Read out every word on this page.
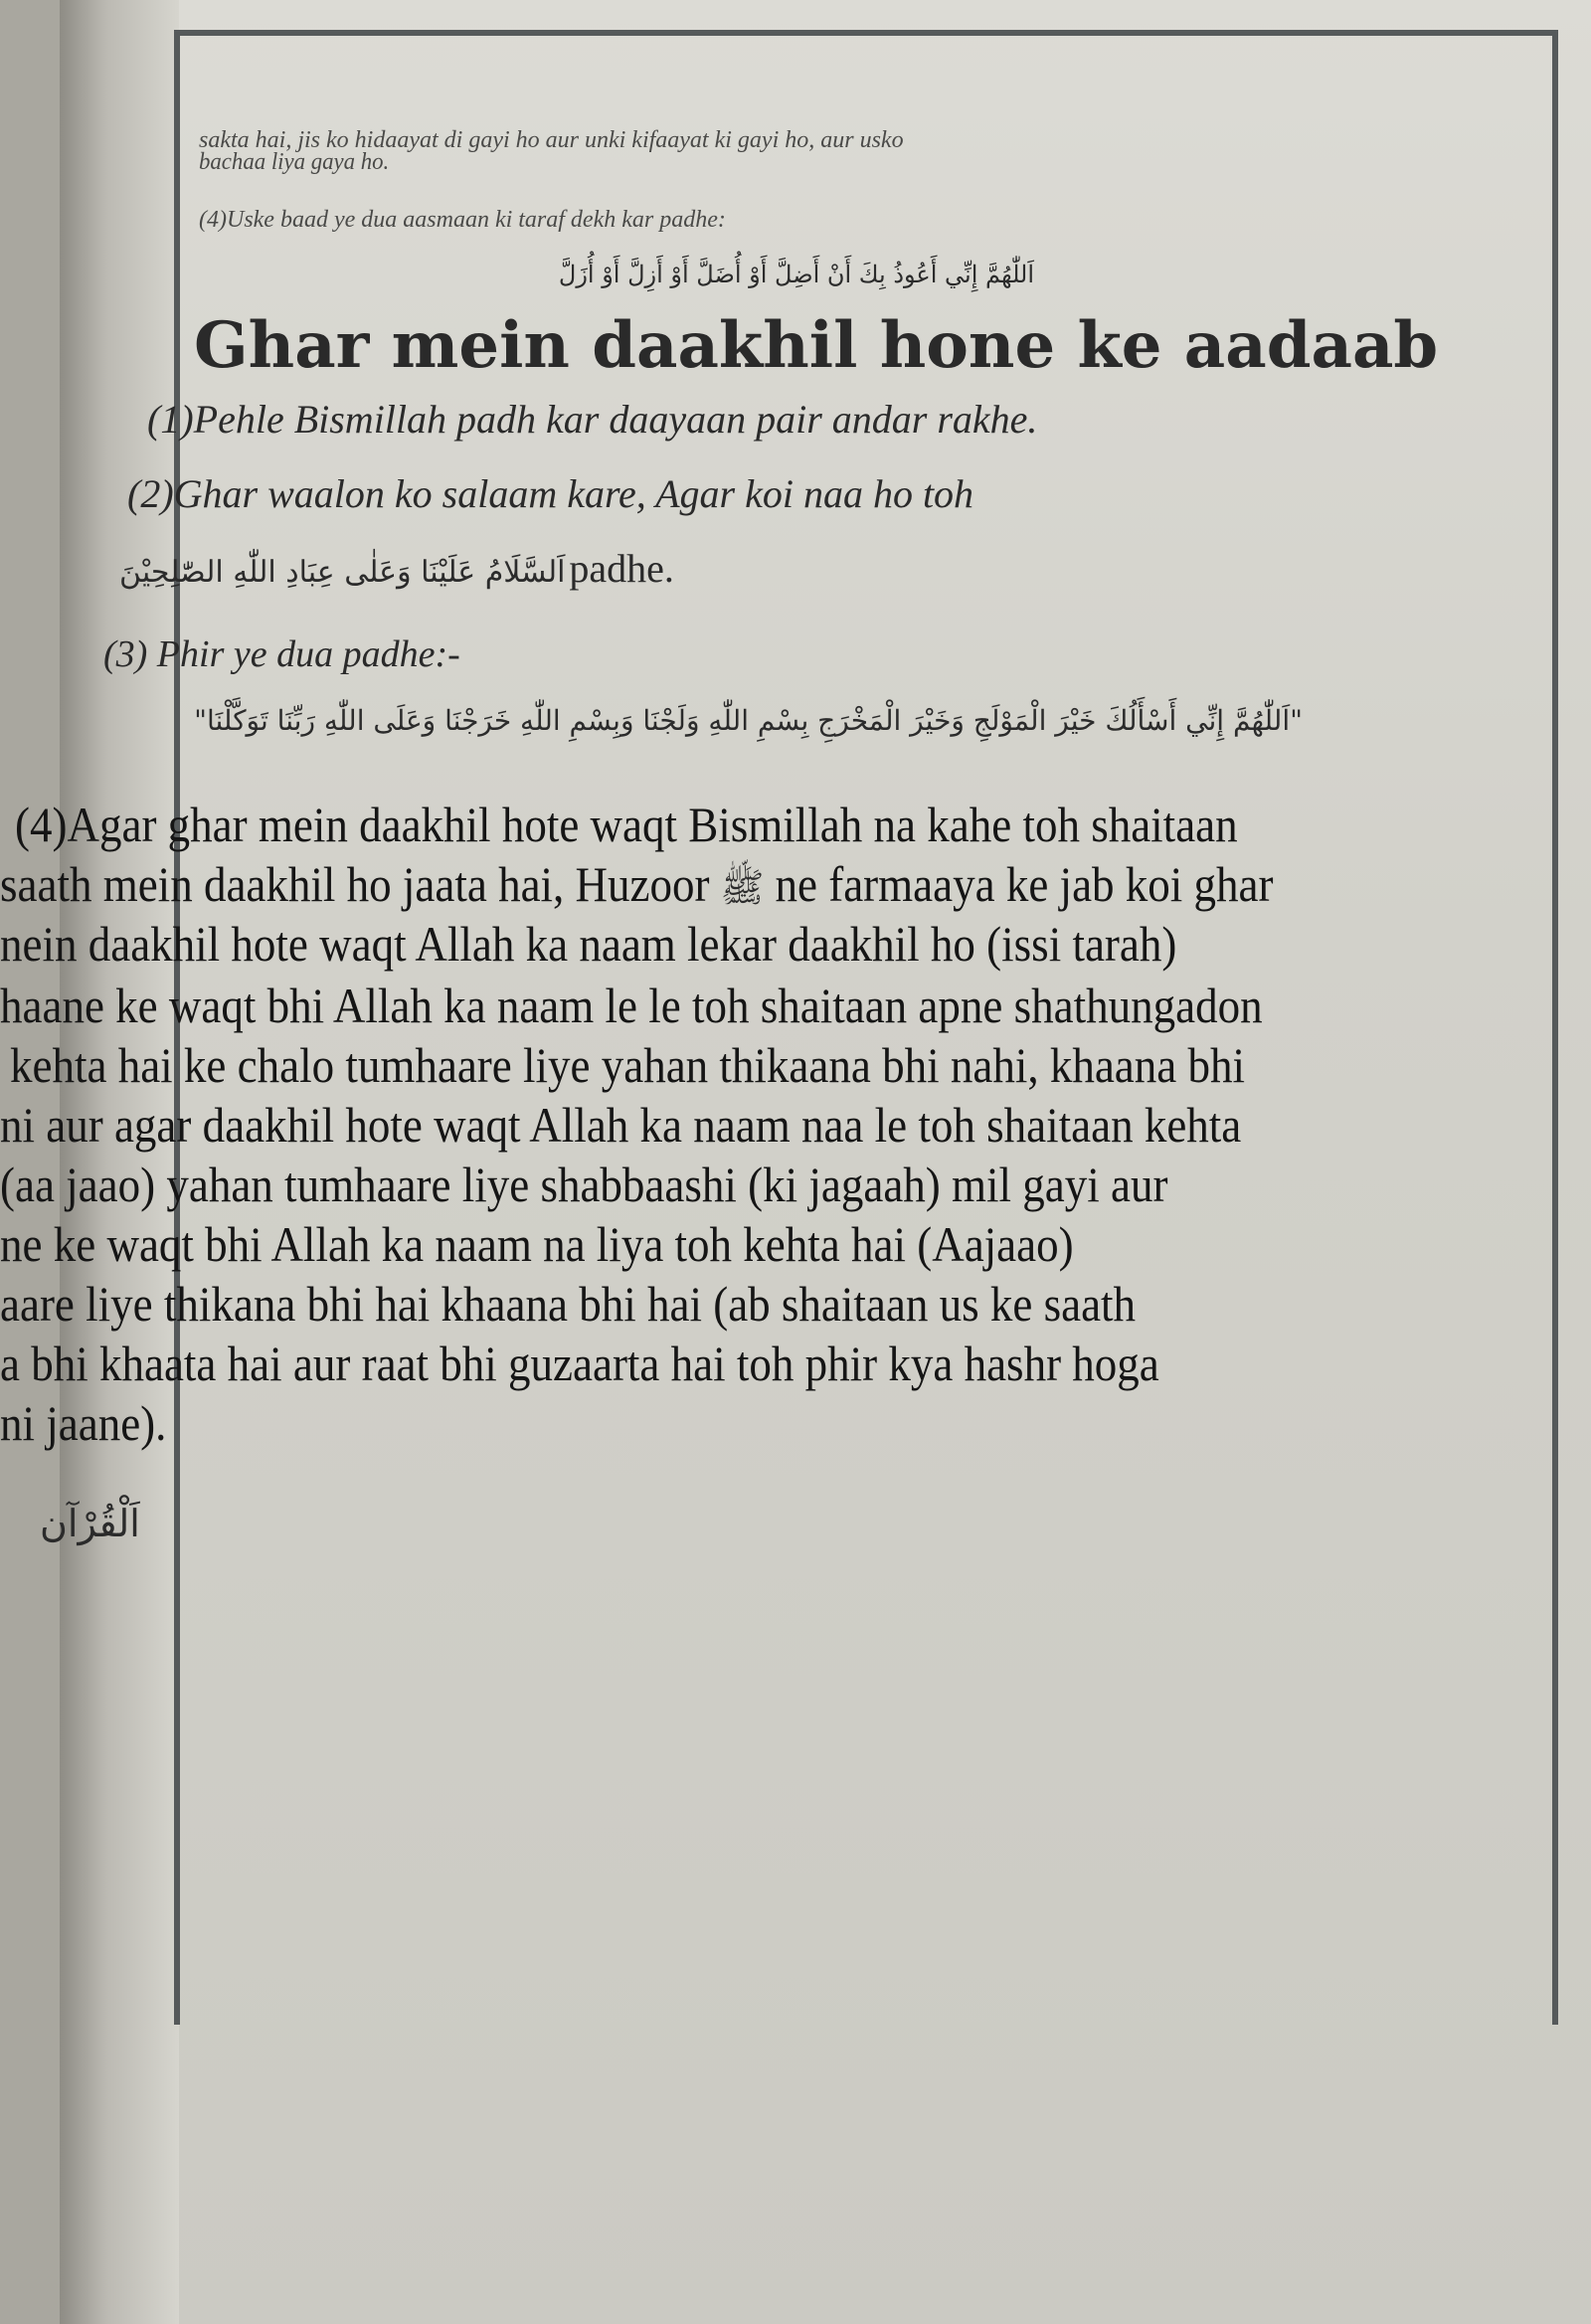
sakta hai, jis ko hidaayat di gayi ho aur unki kifaayat ki gayi ho, aur usko

bachaa liya gaya ho.

(4)Uske baad ye dua aasmaan ki taraf dekh kar padhe:

اَللّٰهُمَّ إِنِّي أَعُوذُ بِكَ أَنْ أَضِلَّ أَوْ أُضَلَّ أَوْ أَزِلَّ أَوْ أُزَلَّ

Ghar mein daakhil hone ke aadaab

(1)Pehle Bismillah padh kar daayaan pair andar rakhe.

(2)Ghar waalon ko salaam kare, Agar koi naa ho toh

اَلسَّلَامُ عَلَيْنَا وَعَلٰى عِبَادِ اللّٰهِ الصّٰلِحِيْنَ padhe.

(3) Phir ye dua padhe:-

"اَللّٰهُمَّ إِنِّي أَسْأَلُكَ خَيْرَ الْمَوْلَجِ وَخَيْرَ الْمَخْرَجِ بِسْمِ اللّٰهِ وَلَجْنَا وَبِسْمِ اللّٰهِ خَرَجْنَا وَعَلَى اللّٰهِ رَبِّنَا تَوَكَّلْنَا"

(4)Agar ghar mein daakhil hote waqt Bismillah na kahe toh shaitaan

saath mein daakhil ho jaata hai, Huzoor ﷺ ne farmaaya ke jab koi ghar

nein daakhil hote waqt Allah ka naam lekar daakhil ho (issi tarah)

haane ke waqt bhi Allah ka naam le le toh shaitaan apne shathungadon

kehta hai ke chalo tumhaare liye yahan thikaana bhi nahi, khaana bhi

ni aur agar daakhil hote waqt Allah ka naam naa le toh shaitaan kehta

(aa jaao) yahan tumhaare liye shabbaashi (ki jagaah) mil gayi aur

ne ke waqt bhi Allah ka naam na liya toh kehta hai (Aajaao)

aare liye thikana bhi hai khaana bhi hai (ab shaitaan us ke saath

a bhi khaata hai aur raat bhi guzaarta hai toh phir kya hashr hoga

ni jaane).

اَلْقُرْآن
